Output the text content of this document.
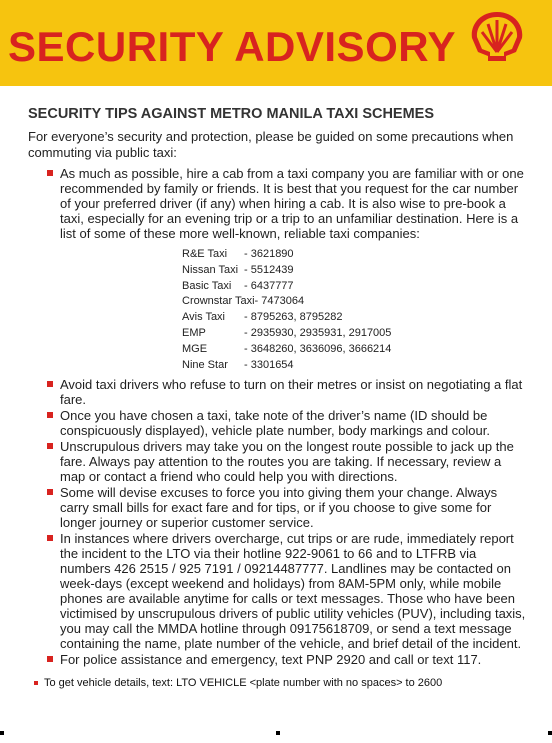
SECURITY ADVISORY
SECURITY TIPS AGAINST METRO MANILA TAXI SCHEMES

For everyone’s security and protection, please be guided on some precautions when commuting via public taxi:

As much as possible, hire a cab from a taxi company you are familiar with or one recommended by family or friends. It is best that you request for the car number of your preferred driver (if any) when hiring a cab. It is also wise to pre-book a taxi, especially for an evening trip or a trip to an unfamiliar destination. Here is a list of some of these more well-known, reliable taxi companies:
R&E Taxi	- 3621890
Nissan Taxi - 5512439
Basic Taxi	- 6437777
Crownstar Taxi - 7473064
Avis Taxi	- 8795263, 8795282
EMP	- 2935930, 2935931, 2917005
MGE	- 3648260, 3636096, 3666214
Nine Star	- 3301654
Avoid taxi drivers who refuse to turn on their metres or insist on negotiating a flat fare.
Once you have chosen a taxi, take note of the driver’s name (ID should be conspicuously displayed), vehicle plate number, body markings and colour.
Unscrupulous drivers may take you on the longest route possible to jack up the fare. Always pay attention to the routes you are taking. If necessary, review a map or contact a friend who could help you with directions.
Some will devise excuses to force you into giving them your change. Always carry small bills for exact fare and for tips, or if you choose to give some for longer journey or superior customer service.
In instances where drivers overcharge, cut trips or are rude, immediately report the incident to the LTO via their hotline 922-9061 to 66 and to LTFRB via numbers 426 2515 / 925 7191 / 09214487777. Landlines may be contacted on week-days (except weekend and holidays) from 8AM-5PM only, while mobile phones are available anytime for calls or text messages. Those who have been victimised by unscrupulous drivers of public utility vehicles (PUV), including taxis, you may call the MMDA hotline through 09175618709, or send a text message containing the name, plate number of the vehicle, and brief detail of the incident.
For police assistance and emergency, text PNP 2920 and call or text 117.
To get vehicle details, text: LTO VEHICLE <plate number with no spaces> to 2600
